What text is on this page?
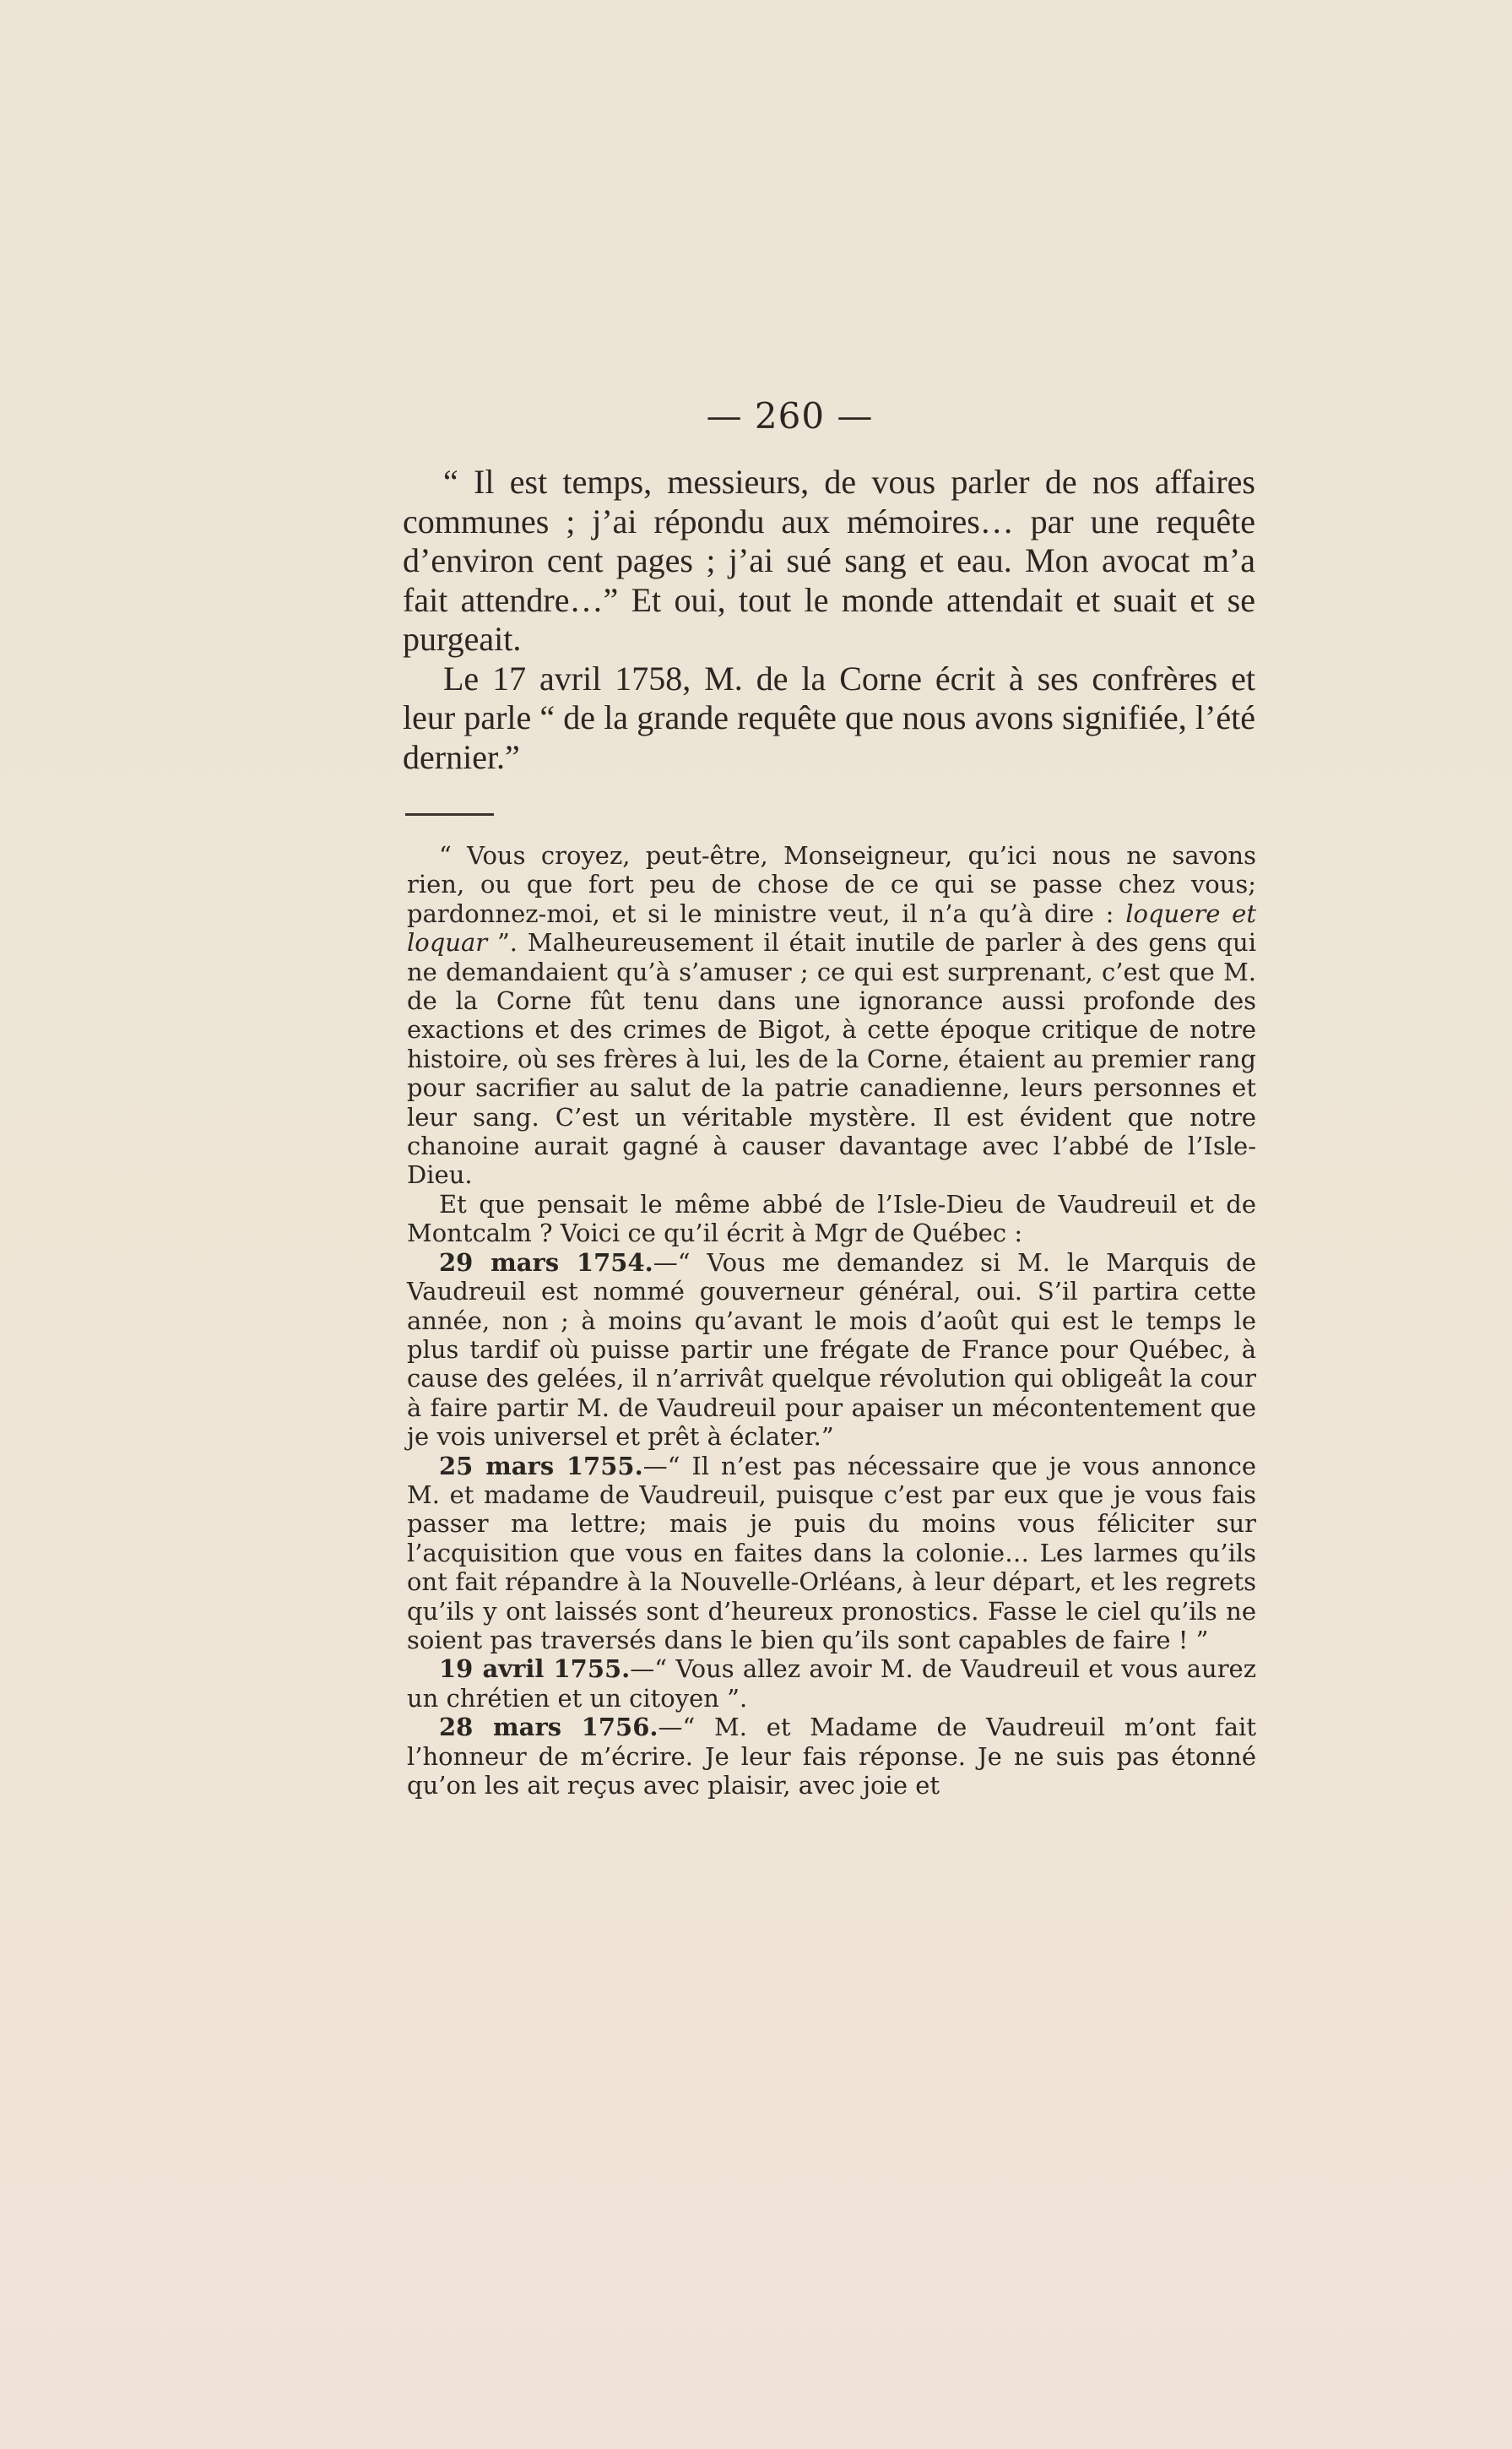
— 260 —

“ Il est temps, messieurs, de vous parler de nos affaires communes ; j’ai répondu aux mémoires… par une requête d’environ cent pages ; j’ai sué sang et eau. Mon avocat m’a fait attendre…” Et oui, tout le monde attendait et suait et se purgeait.

Le 17 avril 1758, M. de la Corne écrit à ses confrères et leur parle “ de la grande requête que nous avons signifiée, l’été dernier.”

“ Vous croyez, peut-être, Monseigneur, qu’ici nous ne savons rien, ou que fort peu de chose de ce qui se passe chez vous; pardonnez-moi, et si le ministre veut, il n’a qu’à dire : loquere et loquar ”. Malheureusement il était inutile de parler à des gens qui ne demandaient qu’à s’amuser ; ce qui est surprenant, c’est que M. de la Corne fût tenu dans une ignorance aussi profonde des exactions et des crimes de Bigot, à cette époque critique de notre histoire, où ses frères à lui, les de la Corne, étaient au premier rang pour sacrifier au salut de la patrie canadienne, leurs personnes et leur sang. C’est un véritable mystère. Il est évident que notre chanoine aurait gagné à causer davantage avec l’abbé de l’Isle-Dieu.

Et que pensait le même abbé de l’Isle-Dieu de Vaudreuil et de Montcalm ? Voici ce qu’il écrit à Mgr de Québec :

29 mars 1754.—“ Vous me demandez si M. le Marquis de Vaudreuil est nommé gouverneur général, oui. S’il partira cette année, non ; à moins qu’avant le mois d’août qui est le temps le plus tardif où puisse partir une frégate de France pour Québec, à cause des gelées, il n’arrivât quelque révolution qui obligeât la cour à faire partir M. de Vaudreuil pour apaiser un mécontentement que je vois universel et prêt à éclater.”

25 mars 1755.—“ Il n’est pas nécessaire que je vous annonce M. et madame de Vaudreuil, puisque c’est par eux que je vous fais passer ma lettre; mais je puis du moins vous féliciter sur l’acquisition que vous en faites dans la colonie… Les larmes qu’ils ont fait répandre à la Nouvelle-Orléans, à leur départ, et les regrets qu’ils y ont laissés sont d’heureux pronostics. Fasse le ciel qu’ils ne soient pas traversés dans le bien qu’ils sont capables de faire ! ”

19 avril 1755.—“ Vous allez avoir M. de Vaudreuil et vous aurez un chrétien et un citoyen ”.

28 mars 1756.—“ M. et Madame de Vaudreuil m’ont fait l’honneur de m’écrire. Je leur fais réponse. Je ne suis pas étonné qu’on les ait reçus avec plaisir, avec joie et
